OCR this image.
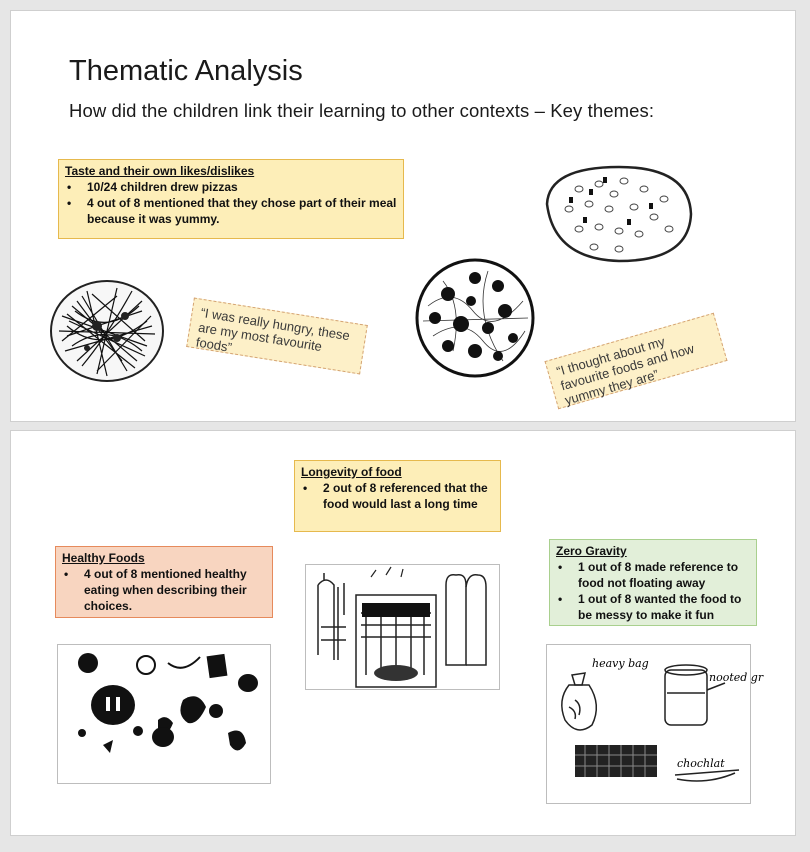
Thematic Analysis
How did the children link their learning to other contexts – Key themes:
Taste and their own likes/dislikes
• 10/24 children drew pizzas
• 4 out of 8 mentioned that they chose part of their meal because it was yummy.
“I was really hungry, these are my most favourite foods”	“I thought about my favourite foods and how yummy they are”
Longevity of food
• 2 out of 8 referenced that the food would last a long time
Healthy Foods
• 4 out of 8 mentioned healthy eating when describing their choices.
Zero Gravity
• 1 out of 8 made reference to food not floating away
• 1 out of 8 wanted the food to be messy to make it fun
heavy bag
nooted gr
chochlat
